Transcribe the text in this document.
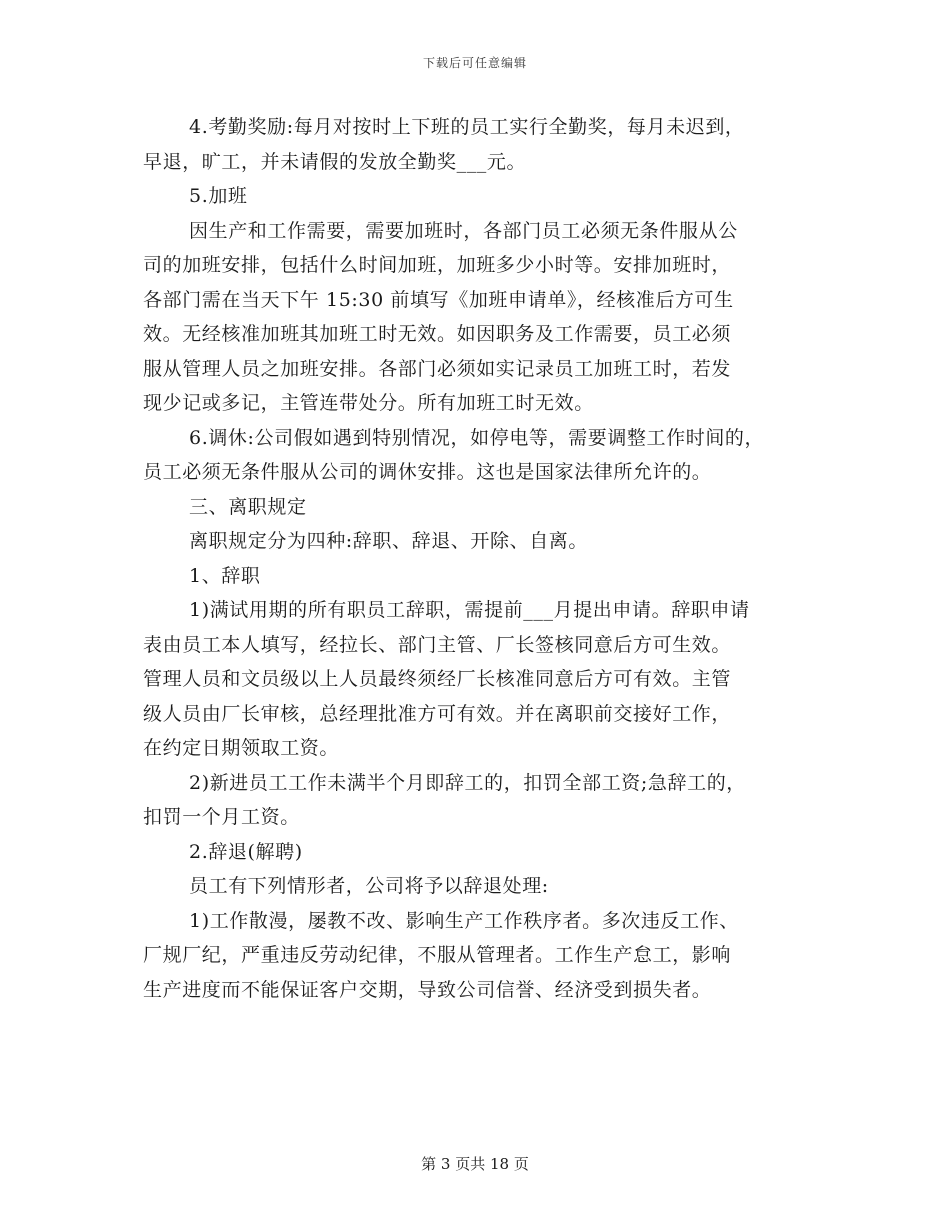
下载后可任意编辑
4.考勤奖励:每月对按时上下班的员工实行全勤奖，每月未迟到，
早退，旷工，并未请假的发放全勤奖___元。
5.加班
因生产和工作需要，需要加班时，各部门员工必须无条件服从公
司的加班安排，包括什么时间加班，加班多少小时等。安排加班时，
各部门需在当天下午 15:30 前填写《加班申请单》，经核准后方可生
效。无经核准加班其加班工时无效。如因职务及工作需要，员工必须
服从管理人员之加班安排。各部门必须如实记录员工加班工时，若发
现少记或多记，主管连带处分。所有加班工时无效。
6.调休:公司假如遇到特别情况，如停电等，需要调整工作时间的，
员工必须无条件服从公司的调休安排。这也是国家法律所允许的。
三、离职规定
离职规定分为四种:辞职、辞退、开除、自离。
1、辞职
1)满试用期的所有职员工辞职，需提前___月提出申请。辞职申请
表由员工本人填写，经拉长、部门主管、厂长签核同意后方可生效。
管理人员和文员级以上人员最终须经厂长核准同意后方可有效。主管
级人员由厂长审核，总经理批准方可有效。并在离职前交接好工作，
在约定日期领取工资。
2)新进员工工作未满半个月即辞工的，扣罚全部工资;急辞工的，
扣罚一个月工资。
2.辞退(解聘)
员工有下列情形者，公司将予以辞退处理:
1)工作散漫，屡教不改、影响生产工作秩序者。多次违反工作、
厂规厂纪，严重违反劳动纪律，不服从管理者。工作生产怠工，影响
生产进度而不能保证客户交期，导致公司信誉、经济受到损失者。
第 3 页共 18 页
